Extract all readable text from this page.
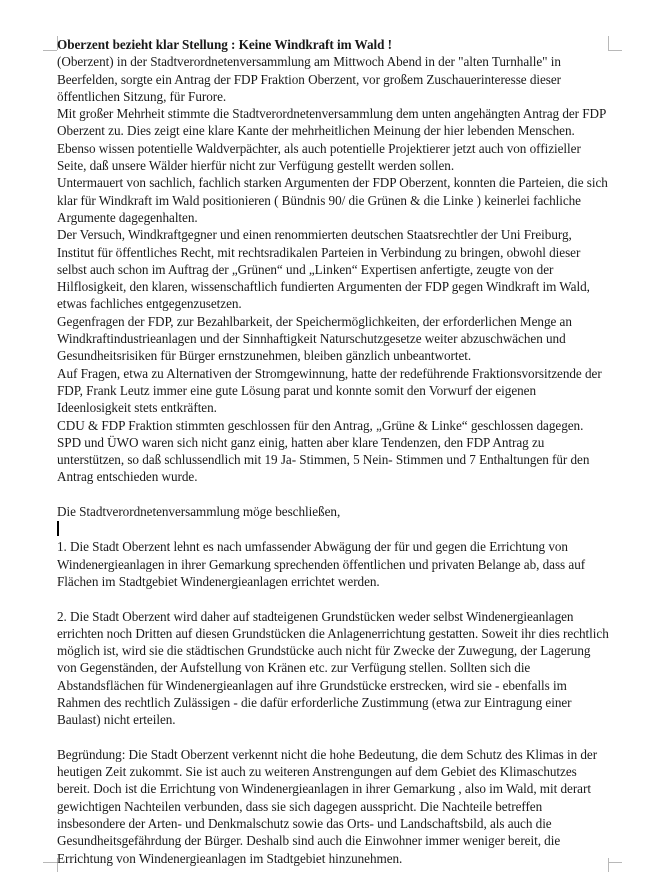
Oberzent bezieht klar Stellung : Keine Windkraft im Wald !

(Oberzent) in der Stadtverordnetenversammlung am Mittwoch Abend in der "alten Turnhalle" in Beerfelden, sorgte ein Antrag der FDP Fraktion Oberzent, vor großem Zuschauerinteresse dieser öffentlichen Sitzung, für Furore.

Mit großer Mehrheit stimmte die Stadtverordnetenversammlung dem unten angehängten Antrag der FDP Oberzent zu. Dies zeigt eine klare Kante der mehrheitlichen Meinung der hier lebenden Menschen.

Ebenso wissen potentielle Waldverpächter, als auch potentielle Projektierer jetzt auch von offizieller Seite, daß unsere Wälder hierfür nicht zur Verfügung gestellt werden sollen.

Untermauert von sachlich, fachlich starken Argumenten der FDP Oberzent, konnten die Parteien, die sich klar für Windkraft im Wald positionieren ( Bündnis 90/ die Grünen & die Linke ) keinerlei fachliche Argumente dagegenhalten.

Der Versuch, Windkraftgegner und einen renommierten deutschen Staatsrechtler der Uni Freiburg, Institut für öffentliches Recht, mit rechtsradikalen Parteien in Verbindung zu bringen, obwohl dieser selbst auch schon im Auftrag der „Grünen“ und „Linken“ Expertisen anfertigte, zeugte von der Hilflosigkeit, den klaren, wissenschaftlich fundierten Argumenten der FDP gegen Windkraft im Wald, etwas fachliches entgegenzusetzen.

Gegenfragen der FDP, zur Bezahlbarkeit, der Speichermöglichkeiten, der erforderlichen Menge an Windkraftindustrieanlagen und der Sinnhaftigkeit Naturschutzgesetze weiter abzuschwächen und Gesundheitsrisiken für Bürger ernstzunehmen, bleiben gänzlich unbeantwortet.

Auf Fragen, etwa zu Alternativen der Stromgewinnung, hatte der redeführende Fraktionsvorsitzende der FDP, Frank Leutz immer eine gute Lösung parat und konnte somit den Vorwurf der eigenen Ideenlosigkeit stets entkräften.

CDU & FDP Fraktion stimmten geschlossen für den Antrag, „Grüne & Linke“ geschlossen dagegen. SPD und ÜWO waren sich nicht ganz einig, hatten aber klare Tendenzen, den FDP Antrag zu unterstützen, so daß schlussendlich mit 19 Ja- Stimmen, 5 Nein- Stimmen und 7 Enthaltungen für den Antrag entschieden wurde.

Die Stadtverordnetenversammlung möge beschließen,

1. Die Stadt Oberzent lehnt es nach umfassender Abwägung der für und gegen die Errichtung von Windenergieanlagen in ihrer Gemarkung sprechenden öffentlichen und privaten Belange ab, dass auf Flächen im Stadtgebiet Windenergieanlagen errichtet werden.

2. Die Stadt Oberzent wird daher auf stadteigenen Grundstücken weder selbst Windenergieanlagen errichten noch Dritten auf diesen Grundstücken die Anlagenerrichtung gestatten. Soweit ihr dies rechtlich möglich ist, wird sie die städtischen Grundstücke auch nicht für Zwecke der Zuwegung, der Lagerung von Gegenständen, der Aufstellung von Kränen etc. zur Verfügung stellen. Sollten sich die Abstandsflächen für Windenergieanlagen auf ihre Grundstücke erstrecken, wird sie - ebenfalls im Rahmen des rechtlich Zulässigen - die dafür erforderliche Zustimmung (etwa zur Eintragung einer Baulast) nicht erteilen.

Begründung: Die Stadt Oberzent verkennt nicht die hohe Bedeutung, die dem Schutz des Klimas in der heutigen Zeit zukommt. Sie ist auch zu weiteren Anstrengungen auf dem Gebiet des Klimaschutzes bereit. Doch ist die Errichtung von Windenergieanlagen in ihrer Gemarkung , also im Wald, mit derart gewichtigen Nachteilen verbunden, dass sie sich dagegen ausspricht. Die Nachteile betreffen insbesondere der Arten- und Denkmalschutz sowie das Orts- und Landschaftsbild, als auch die Gesundheitsgefährdung der Bürger. Deshalb sind auch die Einwohner immer weniger bereit, die Errichtung von Windenergieanlagen im Stadtgebiet hinzunehmen.
